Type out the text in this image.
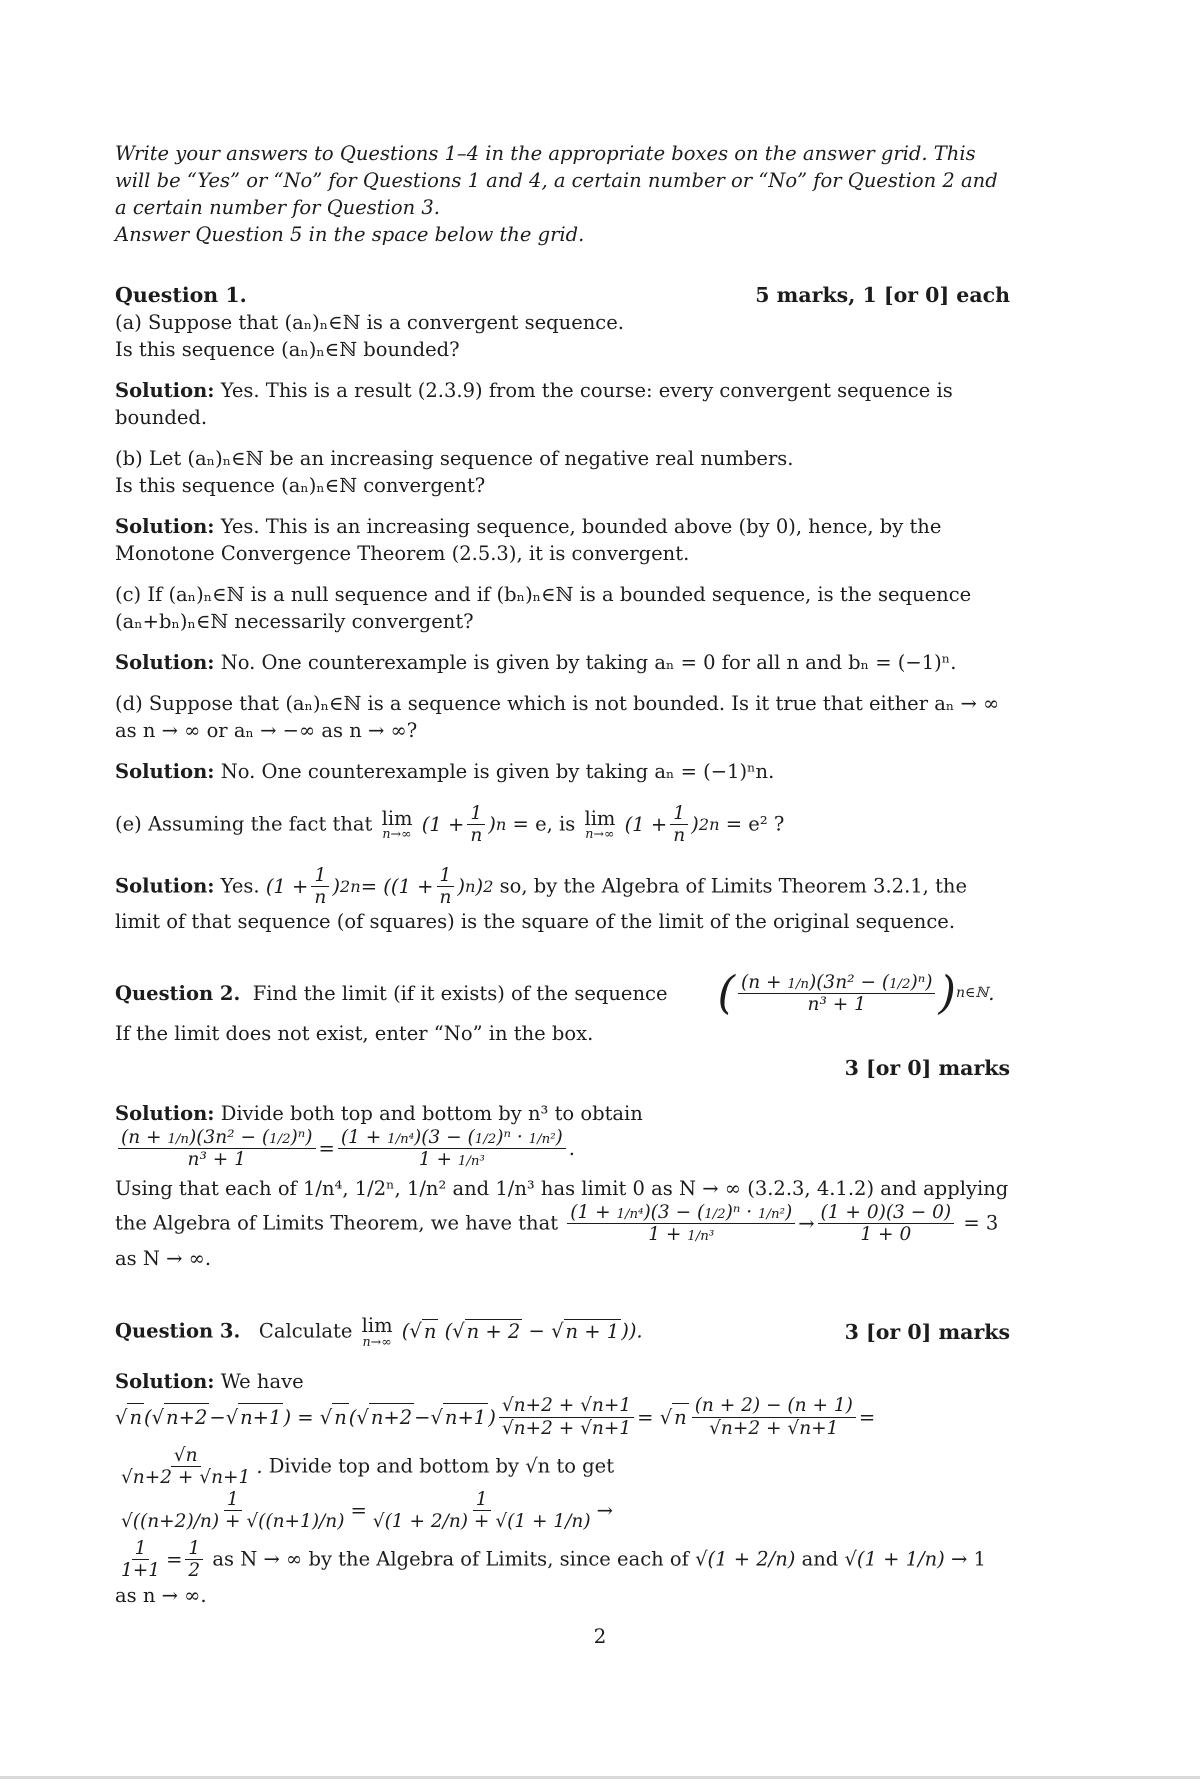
Write your answers to Questions 1–4 in the appropriate boxes on the answer grid. This will be “Yes” or “No” for Questions 1 and 4, a certain number or “No” for Question 2 and a certain number for Question 3.

Answer Question 5 in the space below the grid.

Question 1.	5 marks, 1 [or 0] each

(a) Suppose that (aₙ)ₙ∈ℕ is a convergent sequence.

Is this sequence (aₙ)ₙ∈ℕ bounded?

Solution: Yes. This is a result (2.3.9) from the course: every convergent sequence is bounded.

(b) Let (aₙ)ₙ∈ℕ be an increasing sequence of negative real numbers.

Is this sequence (aₙ)ₙ∈ℕ convergent?

Solution: Yes. This is an increasing sequence, bounded above (by 0), hence, by the Monotone Convergence Theorem (2.5.3), it is convergent.

(c) If (aₙ)ₙ∈ℕ is a null sequence and if (bₙ)ₙ∈ℕ is a bounded sequence, is the sequence (aₙ+bₙ)ₙ∈ℕ necessarily convergent?

Solution: No. One counterexample is given by taking aₙ = 0 for all n and bₙ = (−1)ⁿ.

(d) Suppose that (aₙ)ₙ∈ℕ is a sequence which is not bounded. Is it true that either aₙ → ∞ as n → ∞ or aₙ → −∞ as n → ∞?

Solution: No. One counterexample is given by taking aₙ = (−1)ⁿn.

(e) Assuming the fact that lim
n→∞ ($1 + \frac{1}{n}$ ) n = e, is lim
n→∞ ($1 + \frac{1}{n}$ ) 2n = e² ?

Solution: Yes. ($1 + \frac{1}{n}$ ) $2n = ((1 + \frac{1}{n}$ ) n ) 2 so, by the Algebra of Limits Theorem 3.2.1, the limit of that sequence (of squares) is the square of the limit of the original sequence.

Question 2. Find the limit (if it exists) of the sequence ( $\frac{\text{(n + 1/n)(3n² − (1/2)ⁿ)}}{\text{n³ + 1}}$ ) n∈ℕ .

If the limit does not exist, enter “No” in the box.

3 [or 0] marks

Solution: Divide both top and bottom by n³ to obtain
$\frac{\text{(n + 1/n)(3n² − (1/2)ⁿ)}}{\text{n³ + 1}} = \frac{\text{(1 + 1/n⁴)(3 − (1/2)ⁿ · 1/n²)}}{\text{1 + 1/n³}}$ .

Using that each of 1/n⁴, 1/2ⁿ, 1/n² and 1/n³ has limit 0 as N → ∞ (3.2.3, 4.1.2) and applying the Algebra of Limits Theorem, we have that $\frac{\text{(1 + 1/n⁴)(3 − (1/2)ⁿ · 1/n²)}}{\text{1 + 1/n³}} \to \frac{(1 + 0)(3 - 0)}{1 + 0} = 3$ as N → ∞.

Question 3. Calculate lim
n→∞ (√ n (√ n + 2 − √ n + 1 )).	3 [or 0] marks

Solution: We have √ n (√ n+2 −√ n+1 ) = √ n (√ n+2 −√ n+1 ) $\frac{√n+2 + √n+1}{√n+2 + √n+1}$ = √ n $\frac{(n + 2) - (n + 1)}{√n+2 + √n+1}$ =

$\frac{√n}{√n+2 + √n+1}$ . Divide top and bottom by √n to get
$\frac{1}{√((n+2)/n) + √((n+1)/n)} = \frac{1}{√(1 + 2/n) + √(1 + 1/n)}$ →

$\frac{1}{1+1} = \frac{1}{2}$ as N → ∞ by the Algebra of Limits, since each of √(1 + 2/n) and √(1 + 1/n) → 1 as n → ∞.

2
